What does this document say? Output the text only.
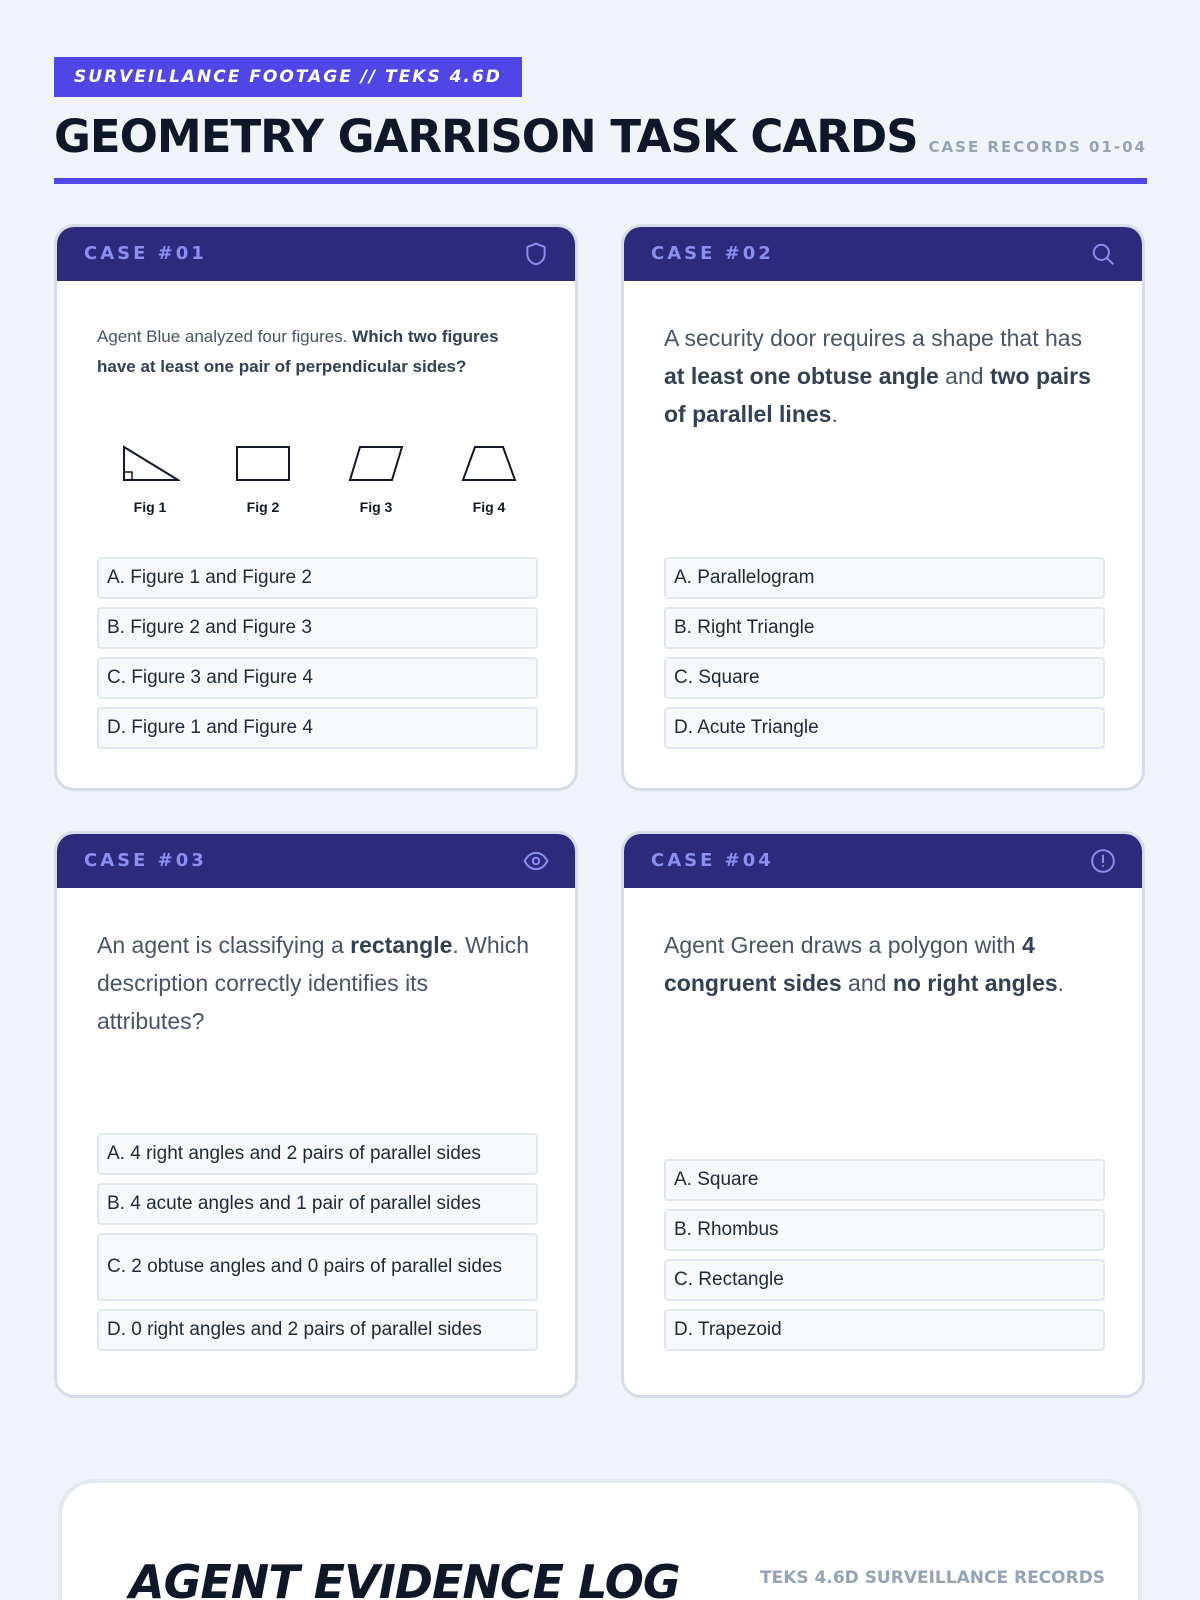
SURVEILLANCE FOOTAGE // TEKS 4.6D
GEOMETRY GARRISON TASK CARDS CASE RECORDS 01-04
CASE #01
Agent Blue analyzed four figures. Which two figures have at least one pair of perpendicular sides?
Fig 1	Fig 2	Fig 3	Fig 4
A. Figure 1 and Figure 2
B. Figure 2 and Figure 3
C. Figure 3 and Figure 4
D. Figure 1 and Figure 4
CASE #02
A security door requires a shape that has at least one obtuse angle and two pairs of parallel lines.
A. Parallelogram
B. Right Triangle
C. Square
D. Acute Triangle
CASE #03
An agent is classifying a rectangle. Which description correctly identifies its attributes?
A. 4 right angles and 2 pairs of parallel sides
B. 4 acute angles and 1 pair of parallel sides
C. 2 obtuse angles and 0 pairs of parallel sides
D. 0 right angles and 2 pairs of parallel sides
CASE #04
Agent Green draws a polygon with 4 congruent sides and no right angles.
A. Square
B. Rhombus
C. Rectangle
D. Trapezoid
AGENT EVIDENCE LOG	TEKS 4.6D SURVEILLANCE RECORDS
